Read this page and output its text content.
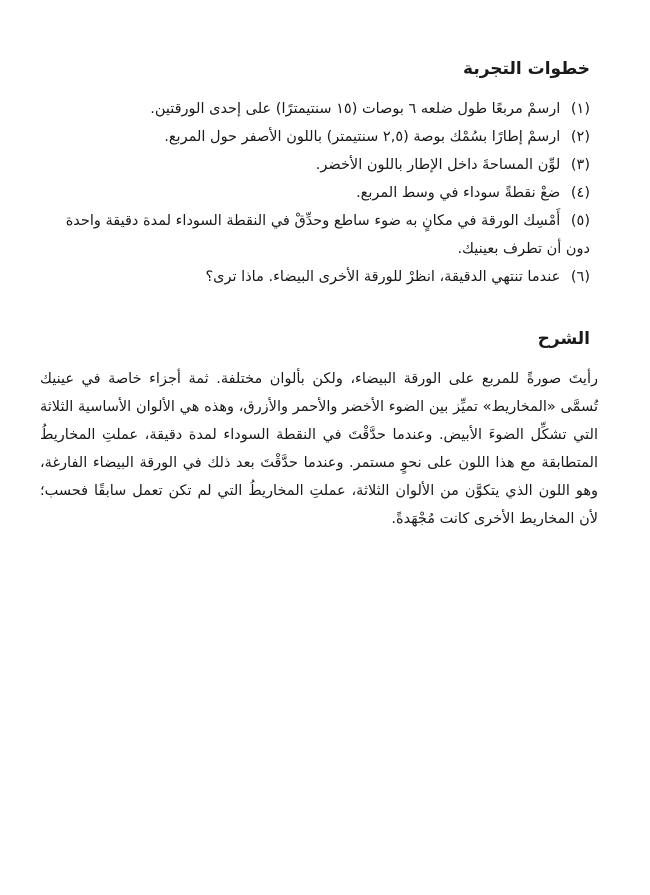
خطوات التجربة
(١) ارسمْ مربعًا طول ضلعه ٦ بوصات (١٥ سنتيمترًا) على إحدى الورقتين.
(٢) ارسمْ إطارًا بسُمْك بوصة (٢,٥ سنتيمتر) باللون الأصفر حول المربع.
(٣) لوِّن المساحةَ داخل الإطار باللون الأخضر.
(٤) ضعْ نقطةً سوداء في وسط المربع.
(٥) أَمْسِك الورقة في مكانٍ به ضوء ساطع وحدِّقْ في النقطة السوداء لمدة دقيقة واحدة دون أن تطرف بعينيك.
(٦) عندما تنتهي الدقيقة، انظرْ للورقة الأخرى البيضاء. ماذا ترى؟
الشرح

رأيتَ صورةً للمربع على الورقة البيضاء، ولكن بألوان مختلفة. ثمة أجزاء خاصة في عينيك تُسمَّى «المخاريط» تميِّز بين الضوء الأخضر والأحمر والأزرق، وهذه هي الألوان الأساسية الثلاثة التي تشكِّل الضوءَ الأبيض. وعندما حدَّقْتَ في النقطة السوداء لمدة دقيقة، عملتِ المخاريطُ المتطابقة مع هذا اللون على نحوٍ مستمر. وعندما حدَّقْتَ بعد ذلك في الورقة البيضاء الفارغة، وهو اللون الذي يتكوَّن من الألوان الثلاثة، عملتِ المخاريطُ التي لم تكن تعمل سابقًا فحسب؛ لأن المخاريط الأخرى كانت مُجْهَدةً.
